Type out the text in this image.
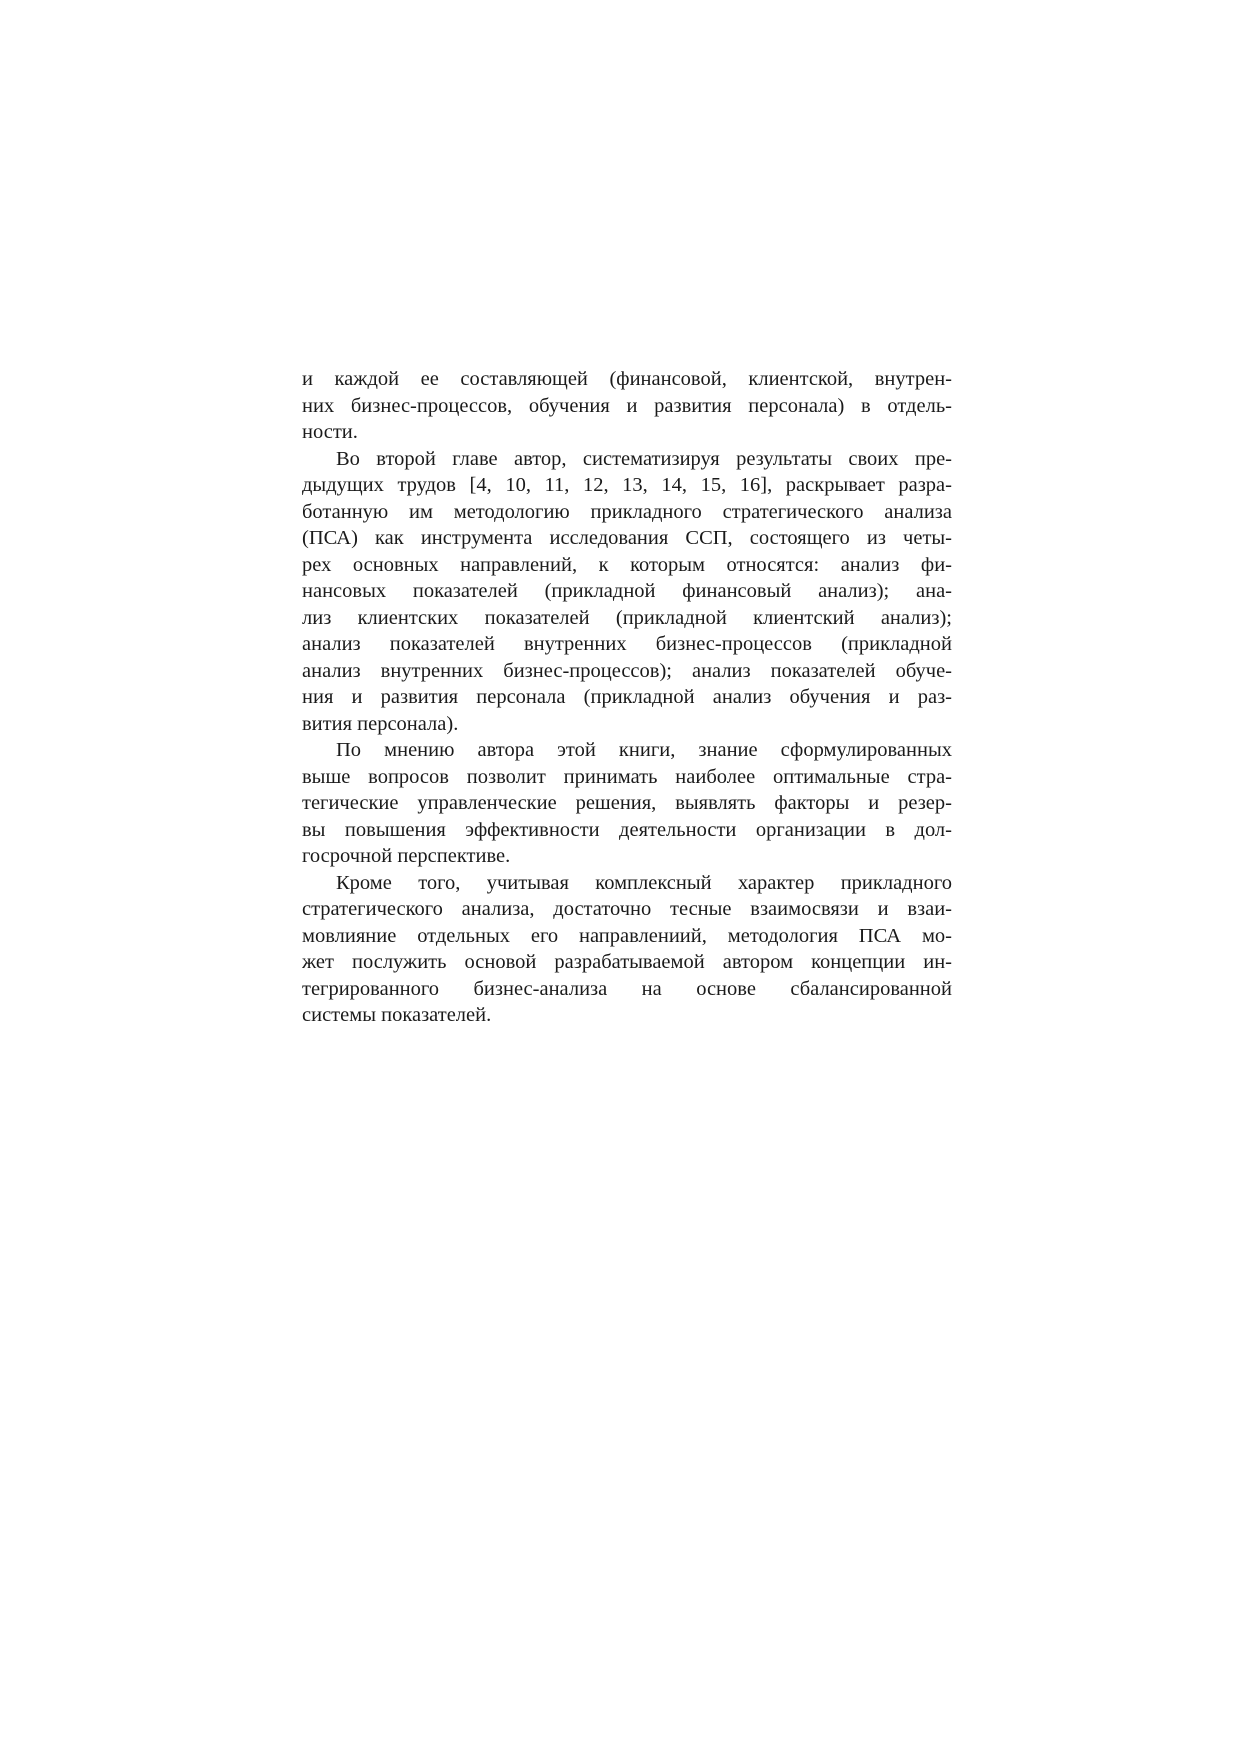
и каждой ее составляющей (финансовой, клиентской, внутрен-
них бизнес-процессов, обучения и развития персонала) в отдель-
ности.
Во второй главе автор, систематизируя результаты своих пре-
дыдущих трудов [4, 10, 11, 12, 13, 14, 15, 16], раскрывает разра-
ботанную им методологию прикладного стратегического анализа
(ПСА) как инструмента исследования ССП, состоящего из четы-
рех основных направлений, к которым относятся: анализ фи-
нансовых показателей (прикладной финансовый анализ); ана-
лиз клиентских показателей (прикладной клиентский анализ);
анализ показателей внутренних бизнес-процессов (прикладной
анализ внутренних бизнес-процессов); анализ показателей обуче-
ния и развития персонала (прикладной анализ обучения и раз-
вития персонала).
По мнению автора этой книги, знание сформулированных
выше вопросов позволит принимать наиболее оптимальные стра-
тегические управленческие решения, выявлять факторы и резер-
вы повышения эффективности деятельности организации в дол-
госрочной перспективе.
Кроме того, учитывая комплексный характер прикладного
стратегического анализа, достаточно тесные взаимосвязи и взаи-
мовлияние отдельных его направлениий, методология ПСА мо-
жет послужить основой разрабатываемой автором концепции ин-
тегрированного бизнес-анализа на основе сбалансированной
системы показателей.
